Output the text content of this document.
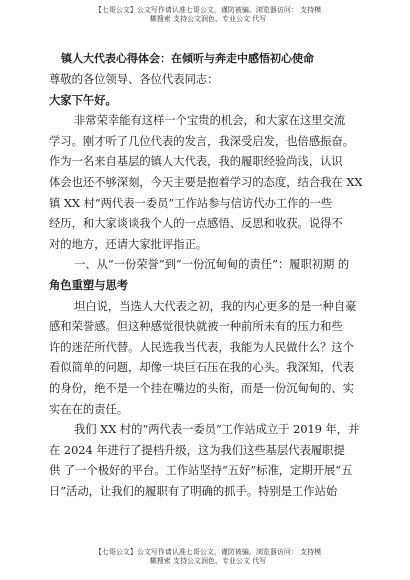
【七哥公文】公文写作请认准七哥公文，谨防被骗。浏览器访问： 支持模
糊搜索 支持公文润色、专业公文 代写
镇人大代表心得体会：在倾听与奔走中感悟初心使命
尊敬的各位领导、各位代表同志：
大家下午好。
非常荣幸能有这样一个宝贵的机会，和大家在这里交流
学习。刚才听了几位代表的发言，我深受启发，也倍感振奋。
作为一名来自基层的镇人大代表，我的履职经验尚浅，认识
体会也还不够深刻，今天主要是抱着学习的态度，结合我在 XX
镇 XX 村“两代表一委员”工作站参与信访代办工作的一些
经历，和大家谈谈我个人的一点感悟、反思和收获。说得不
对的地方，还请大家批评指正。
一、从“一份荣誉”到“一份沉甸甸的责任”：履职初期 的
角色重塑与思考
坦白说，当选人大代表之初，我的内心更多的是一种自豪
感和荣誉感。但这种感觉很快就被一种前所未有的压力和些
许的迷茫所代替。人民选我当代表，我能为人民做什么？这个
看似简单的问题，却像一块巨石压在我的心头。我深知，代表
的身份，绝不是一个挂在嘴边的头衔，而是一份沉甸甸的、实
实在在的责任。
我们 XX 村的“两代表一委员”工作站成立于 2019 年，并
在 2024 年进行了提档升级，这为我们这些基层代表履职提
供 了一个极好的平台。工作站坚持“五好”标准，定期开展“五
日”活动，让我们的履职有了明确的抓手。特别是工作站始
【七哥公文】公文写作请认准七哥公文，谨防被骗。浏览器访问： 支持模
糊搜索 支持公文润色、专业公文 代写
